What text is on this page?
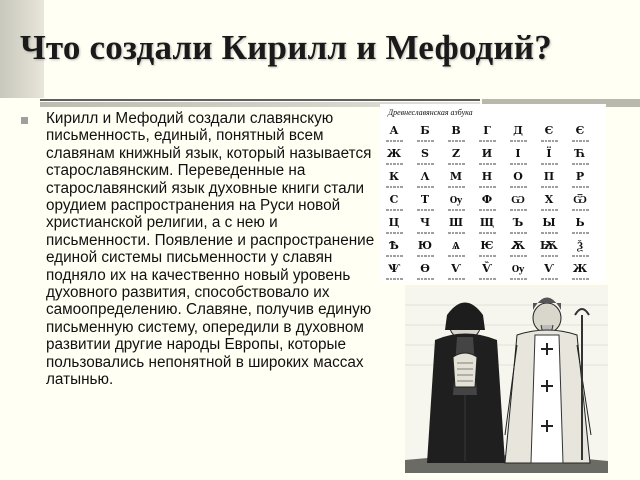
Что создали Кирилл и Мефодий?

Кирилл и Мефодий создали славянскую письменность, единый, понятный всем славянам книжный язык, который называется старославянским. Переведенные на старославянский язык духовные книги стали орудием распространения на Руси новой христианской религии, а с нею и письменности. Появление и распространение единой системы письменности у славян подняло их на качественно новый уровень духовного развития, способствовало их самоопределению. Славяне, получив единую письменную систему, опередили в духовном развитии другие народы Европы, которые пользовались непонятной в широких массах латынью.

Древнеславянская азбука
А Б В Г Д Є Є
Ж Ѕ Ζ И І Ї Ћ
К Λ М Н О П Р
С Т Ѹ Ф Ѡ Х Ѿ
Ц Ч Ш Щ Ъ Ы Ь
Ѣ Ю Ѧ Ѥ Ѫ Ѭ Ѯ
Ѱ Ѳ Ѵ Ѷ Ѹ Ѵ Ж
